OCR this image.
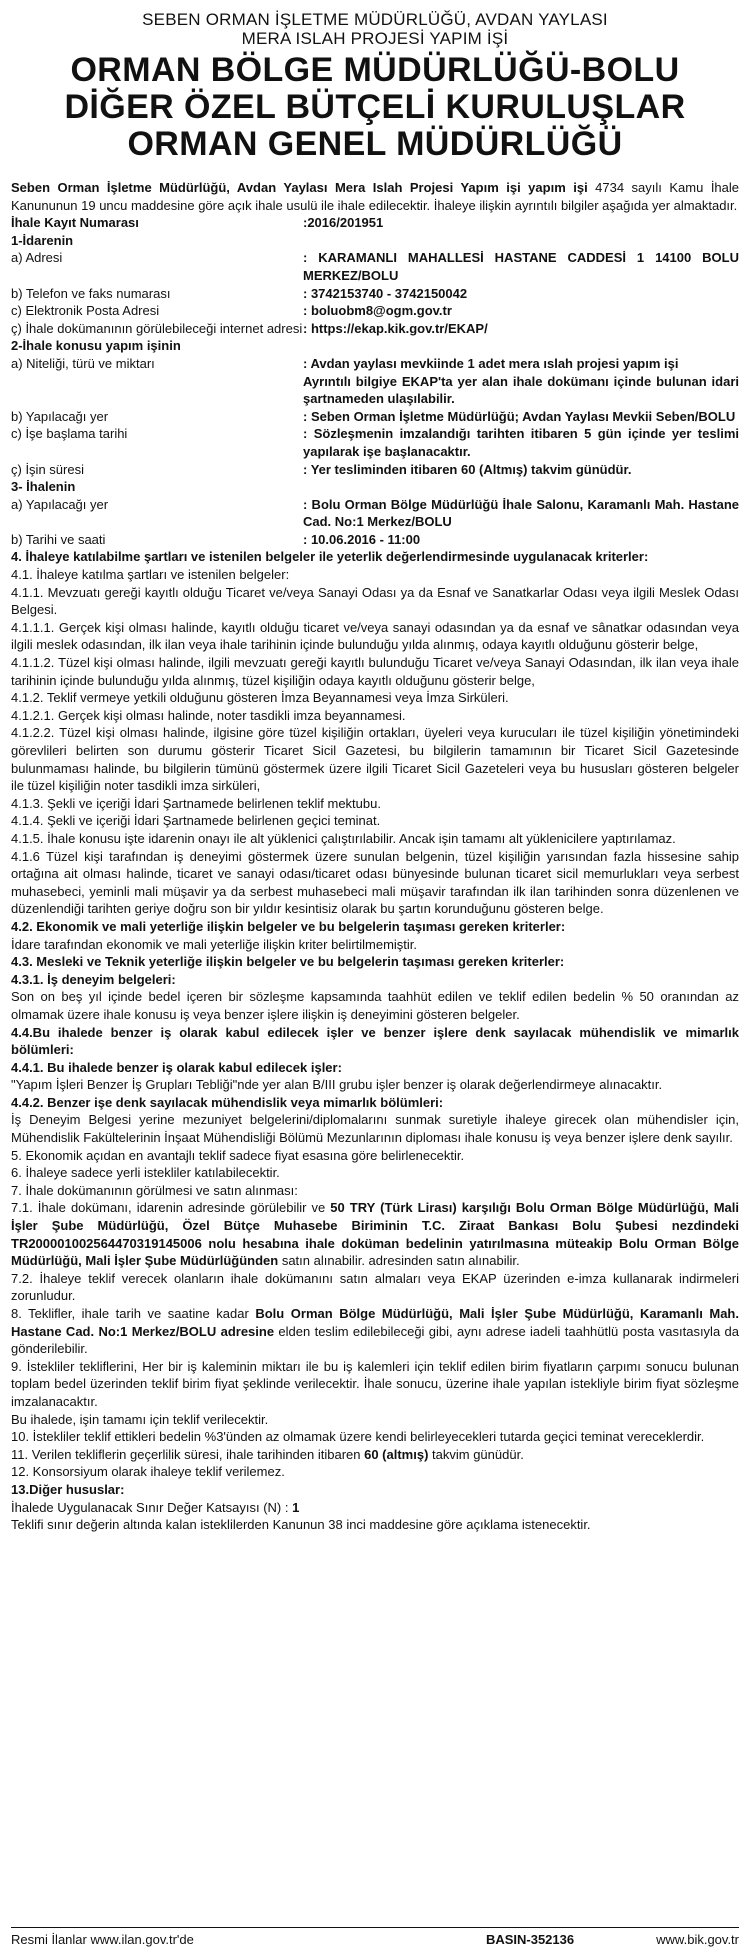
SEBEN ORMAN İŞLETME MÜDÜRLÜĞÜ, AVDAN YAYLASI
MERA ISLAH PROJESİ YAPIM İŞİ
ORMAN BÖLGE MÜDÜRLÜĞÜ-BOLU
DİĞER ÖZEL BÜTÇELİ KURULUŞLAR
ORMAN GENEL MÜDÜRLÜĞÜ

Seben Orman İşletme Müdürlüğü, Avdan Yaylası Mera Islah Projesi Yapım işi yapım işi 4734 sayılı Kamu İhale Kanununun 19 uncu maddesine göre açık ihale usulü ile ihale edilecektir. İhaleye ilişkin ayrıntılı bilgiler aşağıda yer almaktadır.

İhale Kayıt Numarası	:2016/201951
1-İdarenin
a) Adresi	: KARAMANLI MAHALLESİ HASTANE CADDESİ 1 14100 BOLU MERKEZ/BOLU
b) Telefon ve faks numarası	: 3742153740 - 3742150042
c) Elektronik Posta Adresi	: boluobm8@ogm.gov.tr
ç) İhale dokümanının görülebileceği internet adresi : https://ekap.kik.gov.tr/EKAP/
2-İhale konusu yapım işinin
a) Niteliği, türü ve miktarı	: Avdan yaylası mevkiinde 1 adet mera ıslah projesi yapım işi
Ayrıntılı bilgiye EKAP'ta yer alan ihale dokümanı içinde bulunan idari şartnameden ulaşılabilir.
b) Yapılacağı yer	: Seben Orman İşletme Müdürlüğü; Avdan Yaylası Mevkii Seben/BOLU
c) İşe başlama tarihi	: Sözleşmenin imzalandığı tarihten itibaren 5 gün içinde yer teslimi yapılarak işe başlanacaktır.
ç) İşin süresi	: Yer tesliminden itibaren 60 (Altmış) takvim günüdür.
3- İhalenin
a) Yapılacağı yer	: Bolu Orman Bölge Müdürlüğü İhale Salonu, Karamanlı Mah. Hastane Cad. No:1 Merkez/BOLU
b) Tarihi ve saati	: 10.06.2016 - 11:00

4. İhaleye katılabilme şartları ve istenilen belgeler ile yeterlik değerlendirmesinde uygulanacak kriterler:

4.1. İhaleye katılma şartları ve istenilen belgeler:

4.1.1. Mevzuatı gereği kayıtlı olduğu Ticaret ve/veya Sanayi Odası ya da Esnaf ve Sanatkarlar Odası veya ilgili Meslek Odası Belgesi.

4.1.1.1. Gerçek kişi olması halinde, kayıtlı olduğu ticaret ve/veya sanayi odasından ya da esnaf ve sânatkar odasından veya ilgili meslek odasından, ilk ilan veya ihale tarihinin içinde bulunduğu yılda alınmış, odaya kayıtlı olduğunu gösterir belge,

4.1.1.2. Tüzel kişi olması halinde, ilgili mevzuatı gereği kayıtlı bulunduğu Ticaret ve/veya Sanayi Odasından, ilk ilan veya ihale tarihinin içinde bulunduğu yılda alınmış, tüzel kişiliğin odaya kayıtlı olduğunu gösterir belge,

4.1.2. Teklif vermeye yetkili olduğunu gösteren İmza Beyannamesi veya İmza Sirküleri.

4.1.2.1. Gerçek kişi olması halinde, noter tasdikli imza beyannamesi.

4.1.2.2. Tüzel kişi olması halinde, ilgisine göre tüzel kişiliğin ortakları, üyeleri veya kurucuları ile tüzel kişiliğin yönetimindeki görevlileri belirten son durumu gösterir Ticaret Sicil Gazetesi, bu bilgilerin tamamının bir Ticaret Sicil Gazetesinde bulunmaması halinde, bu bilgilerin tümünü göstermek üzere ilgili Ticaret Sicil Gazeteleri veya bu hususları gösteren belgeler ile tüzel kişiliğin noter tasdikli imza sirküleri,

4.1.3. Şekli ve içeriği İdari Şartnamede belirlenen teklif mektubu.

4.1.4. Şekli ve içeriği İdari Şartnamede belirlenen geçici teminat.

4.1.5. İhale konusu işte idarenin onayı ile alt yüklenici çalıştırılabilir. Ancak işin tamamı alt yüklenicilere yaptırılamaz.

4.1.6 Tüzel kişi tarafından iş deneyimi göstermek üzere sunulan belgenin, tüzel kişiliğin yarısından fazla hissesine sahip ortağına ait olması halinde, ticaret ve sanayi odası/ticaret odası bünyesinde bulunan ticaret sicil memurlukları veya serbest muhasebeci, yeminli mali müşavir ya da serbest muhasebeci mali müşavir tarafından ilk ilan tarihinden sonra düzenlenen ve düzenlendiği tarihten geriye doğru son bir yıldır kesintisiz olarak bu şartın korunduğunu gösteren belge.

4.2. Ekonomik ve mali yeterliğe ilişkin belgeler ve bu belgelerin taşıması gereken kriterler:

İdare tarafından ekonomik ve mali yeterliğe ilişkin kriter belirtilmemiştir.

4.3. Mesleki ve Teknik yeterliğe ilişkin belgeler ve bu belgelerin taşıması gereken kriterler:

4.3.1. İş deneyim belgeleri:

Son on beş yıl içinde bedel içeren bir sözleşme kapsamında taahhüt edilen ve teklif edilen bedelin % 50 oranından az olmamak üzere ihale konusu iş veya benzer işlere ilişkin iş deneyimini gösteren belgeler.

4.4.Bu ihalede benzer iş olarak kabul edilecek işler ve benzer işlere denk sayılacak mühendislik ve mimarlık bölümleri:

4.4.1. Bu ihalede benzer iş olarak kabul edilecek işler:

"Yapım İşleri Benzer İş Grupları Tebliği"nde yer alan B/III grubu işler benzer iş olarak değerlendirmeye alınacaktır.

4.4.2. Benzer işe denk sayılacak mühendislik veya mimarlık bölümleri:

İş Deneyim Belgesi yerine mezuniyet belgelerini/diplomalarını sunmak suretiyle ihaleye girecek olan mühendisler için, Mühendislik Fakültelerinin İnşaat Mühendisliği Bölümü Mezunlarının diploması ihale konusu iş veya benzer işlere denk sayılır.

5. Ekonomik açıdan en avantajlı teklif sadece fiyat esasına göre belirlenecektir.

6. İhaleye sadece yerli istekliler katılabilecektir.

7. İhale dokümanının görülmesi ve satın alınması:

7.1. İhale dokümanı, idarenin adresinde görülebilir ve 50 TRY (Türk Lirası) karşılığı Bolu Orman Bölge Müdürlüğü, Mali İşler Şube Müdürlüğü, Özel Bütçe Muhasebe Biriminin T.C. Ziraat Bankası Bolu Şubesi nezdindeki TR200001002564470319145006 nolu hesabına ihale doküman bedelinin yatırılmasına müteakip Bolu Orman Bölge Müdürlüğü, Mali İşler Şube Müdürlüğünden satın alınabilir. adresinden satın alınabilir.

7.2. İhaleye teklif verecek olanların ihale dokümanını satın almaları veya EKAP üzerinden e-imza kullanarak indirmeleri zorunludur.

8. Teklifler, ihale tarih ve saatine kadar Bolu Orman Bölge Müdürlüğü, Mali İşler Şube Müdürlüğü, Karamanlı Mah. Hastane Cad. No:1 Merkez/BOLU adresine elden teslim edilebileceği gibi, aynı adrese iadeli taahhütlü posta vasıtasıyla da gönderilebilir.

9. İstekliler tekliflerini, Her bir iş kaleminin miktarı ile bu iş kalemleri için teklif edilen birim fiyatların çarpımı sonucu bulunan toplam bedel üzerinden teklif birim fiyat şeklinde verilecektir. İhale sonucu, üzerine ihale yapılan istekliyle birim fiyat sözleşme imzalanacaktır.

Bu ihalede, işin tamamı için teklif verilecektir.

10. İstekliler teklif ettikleri bedelin %3'ünden az olmamak üzere kendi belirleyecekleri tutarda geçici teminat vereceklerdir.

11. Verilen tekliflerin geçerlilik süresi, ihale tarihinden itibaren 60 (altmış) takvim günüdür.

12. Konsorsiyum olarak ihaleye teklif verilemez.

13.Diğer hususlar:

İhalede Uygulanacak Sınır Değer Katsayısı (N) : 1

Teklifi sınır değerin altında kalan isteklilerden Kanunun 38 inci maddesine göre açıklama istenecektir.

Resmi İlanlar www.ilan.gov.tr'de	BASIN-352136	www.bik.gov.tr
